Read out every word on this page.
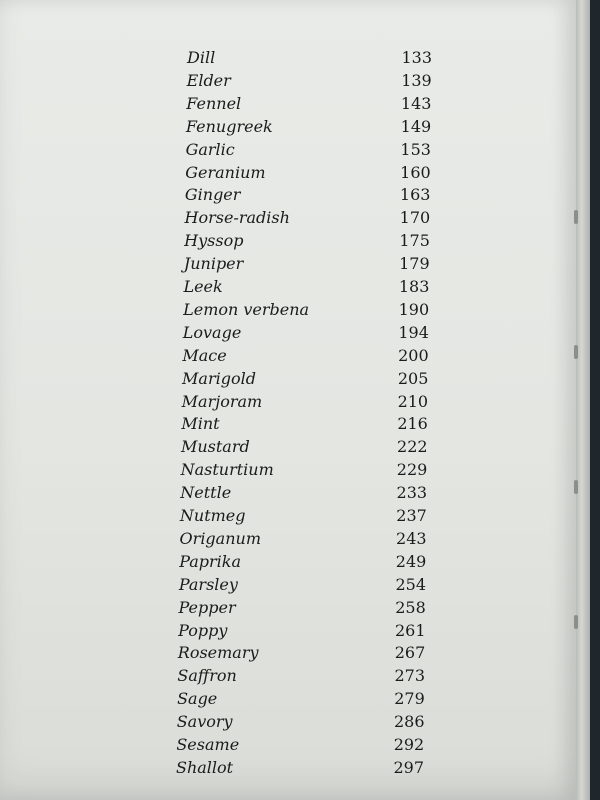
Dill	133
Elder	139
Fennel	143
Fenugreek	149
Garlic	153
Geranium	160
Ginger	163
Horse-radish	170
Hyssop	175
Juniper	179
Leek	183
Lemon verbena	190
Lovage	194
Mace	200
Marigold	205
Marjoram	210
Mint	216
Mustard	222
Nasturtium	229
Nettle	233
Nutmeg	237
Origanum	243
Paprika	249
Parsley	254
Pepper	258
Poppy	261
Rosemary	267
Saffron	273
Sage	279
Savory	286
Sesame	292
Shallot	297
